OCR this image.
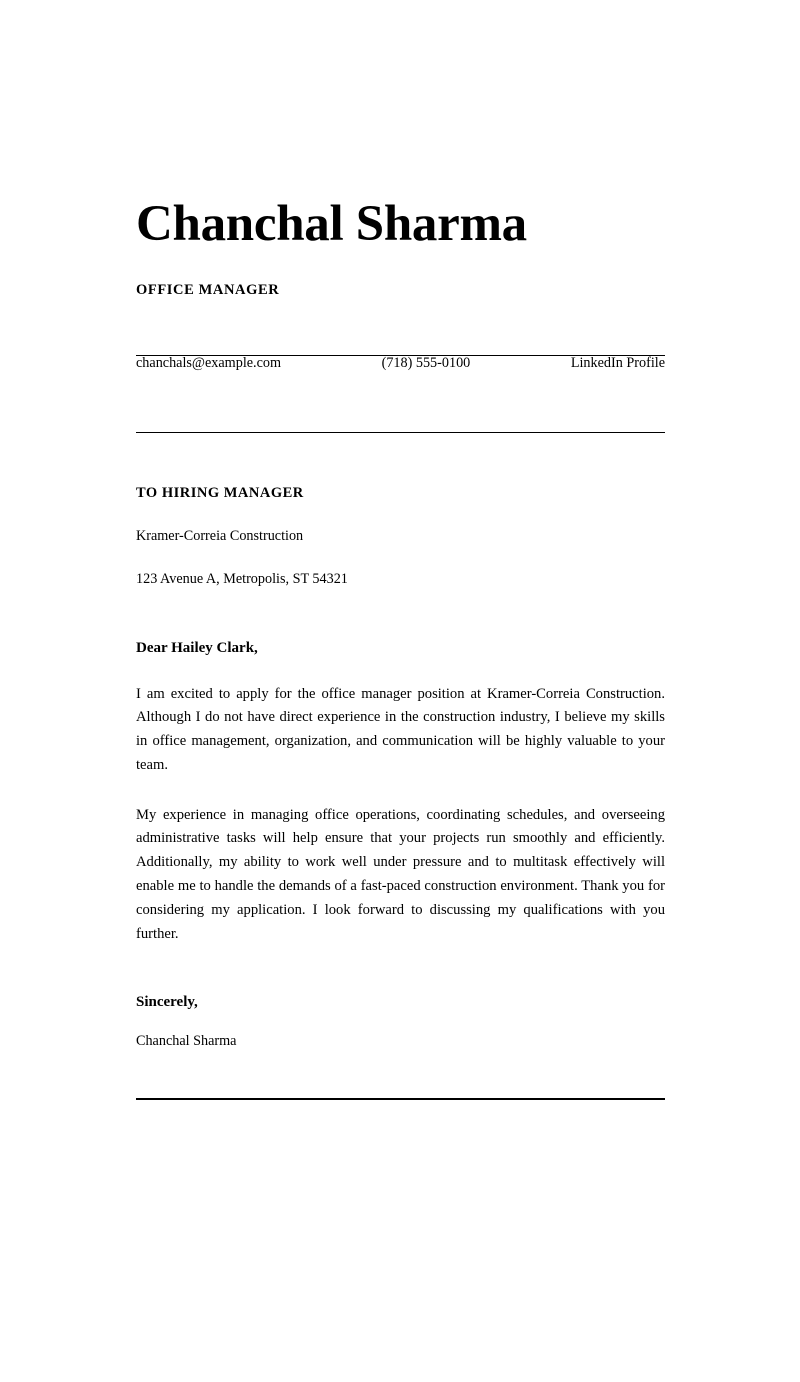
Chanchal Sharma
OFFICE MANAGER
chanchals@example.com	(718) 555-0100	LinkedIn Profile
TO HIRING MANAGER
Kramer-Correia Construction
123 Avenue A, Metropolis, ST 54321
Dear Hailey Clark,

I am excited to apply for the office manager position at Kramer-Correia Construction. Although I do not have direct experience in the construction industry, I believe my skills in office management, organization, and communication will be highly valuable to your team.

My experience in managing office operations, coordinating schedules, and overseeing administrative tasks will help ensure that your projects run smoothly and efficiently. Additionally, my ability to work well under pressure and to multitask effectively will enable me to handle the demands of a fast-paced construction environment. Thank you for considering my application. I look forward to discussing my qualifications with you further.

Sincerely,
Chanchal Sharma
